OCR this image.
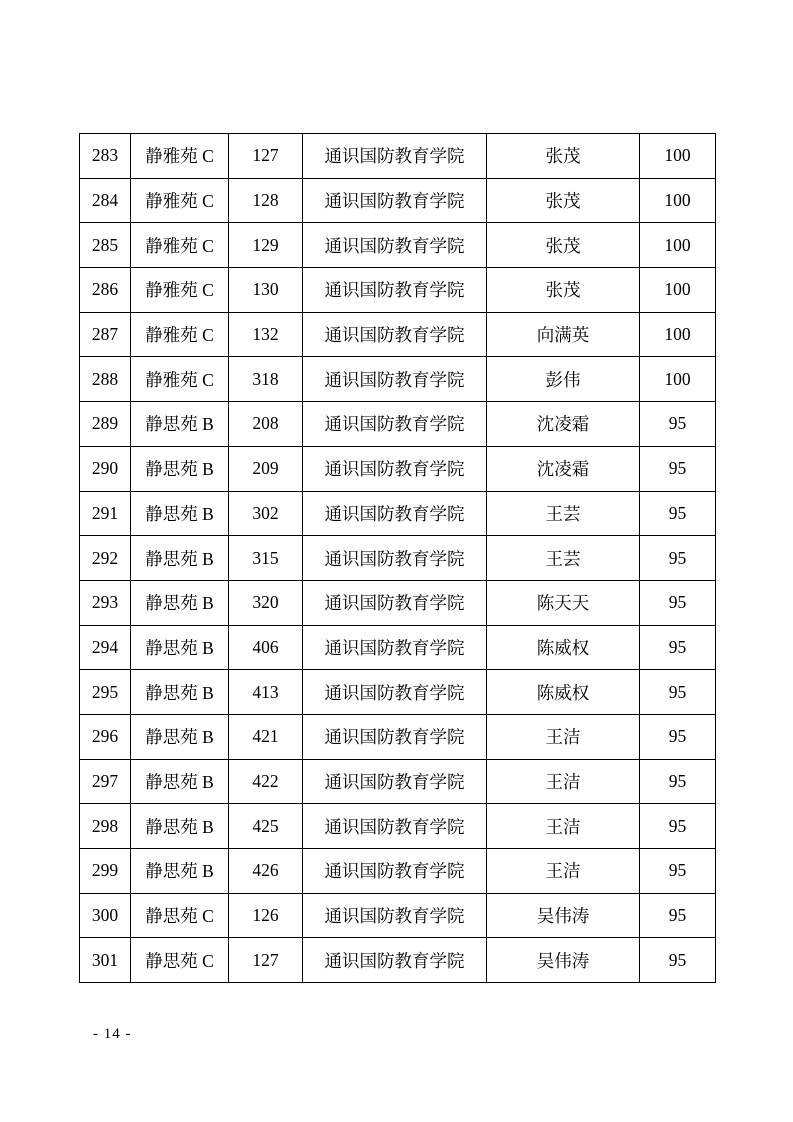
283	静雅苑 C	127	通识国防教育学院	张茂	100
284	静雅苑 C	128	通识国防教育学院	张茂	100
285	静雅苑 C	129	通识国防教育学院	张茂	100
286	静雅苑 C	130	通识国防教育学院	张茂	100
287	静雅苑 C	132	通识国防教育学院	向满英	100
288	静雅苑 C	318	通识国防教育学院	彭伟	100
289	静思苑 B	208	通识国防教育学院	沈凌霜	95
290	静思苑 B	209	通识国防教育学院	沈凌霜	95
291	静思苑 B	302	通识国防教育学院	王芸	95
292	静思苑 B	315	通识国防教育学院	王芸	95
293	静思苑 B	320	通识国防教育学院	陈天天	95
294	静思苑 B	406	通识国防教育学院	陈威权	95
295	静思苑 B	413	通识国防教育学院	陈威权	95
296	静思苑 B	421	通识国防教育学院	王洁	95
297	静思苑 B	422	通识国防教育学院	王洁	95
298	静思苑 B	425	通识国防教育学院	王洁	95
299	静思苑 B	426	通识国防教育学院	王洁	95
300	静思苑 C	126	通识国防教育学院	吴伟涛	95
301	静思苑 C	127	通识国防教育学院	吴伟涛	95
- 14 -
